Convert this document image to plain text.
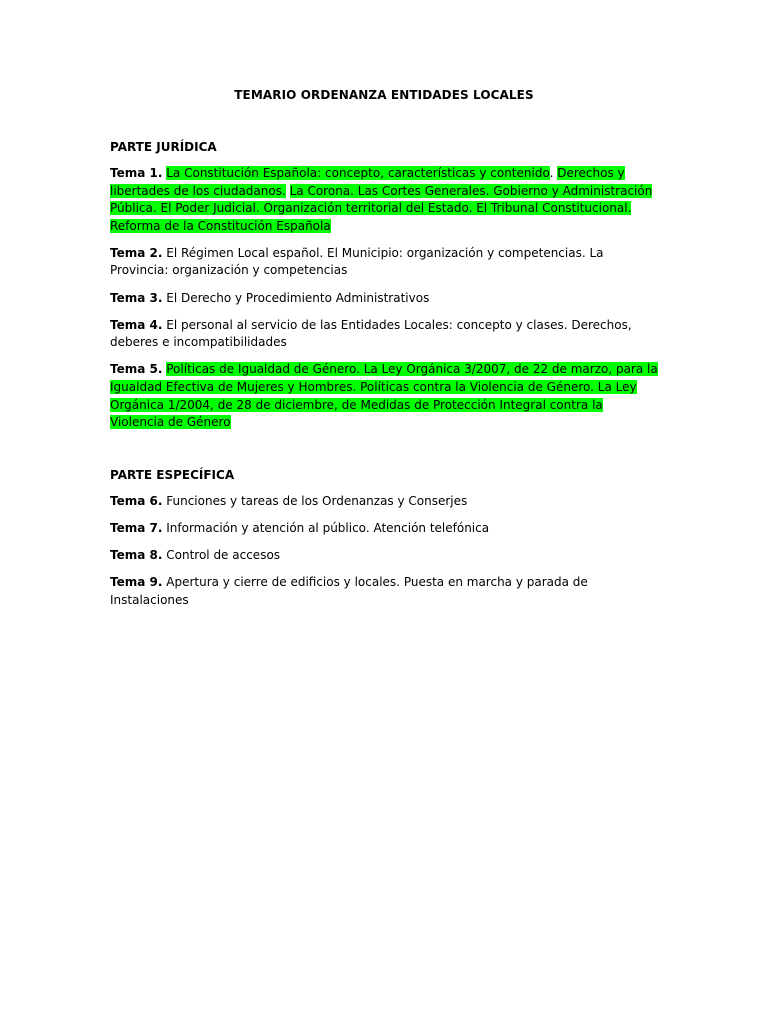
TEMARIO ORDENANZA ENTIDADES LOCALES
PARTE JURÍDICA

Tema 1. La Constitución Española: concepto, características y contenido. Derechos y libertades de los ciudadanos. La Corona. Las Cortes Generales. Gobierno y Administración Pública. El Poder Judicial. Organización territorial del Estado. El Tribunal Constitucional. Reforma de la Constitución Española

Tema 2. El Régimen Local español. El Municipio: organización y competencias. La Provincia: organización y competencias

Tema 3. El Derecho y Procedimiento Administrativos

Tema 4. El personal al servicio de las Entidades Locales: concepto y clases. Derechos, deberes e incompatibilidades

Tema 5. Políticas de Igualdad de Género. La Ley Orgánica 3/2007, de 22 de marzo, para la Igualdad Efectiva de Mujeres y Hombres. Políticas contra la Violencia de Género. La Ley Orgánica 1/2004, de 28 de diciembre, de Medidas de Protección Integral contra la Violencia de Género

PARTE ESPECÍFICA

Tema 6. Funciones y tareas de los Ordenanzas y Conserjes

Tema 7. Información y atención al público. Atención telefónica

Tema 8. Control de accesos

Tema 9. Apertura y cierre de edificios y locales. Puesta en marcha y parada de Instalaciones
